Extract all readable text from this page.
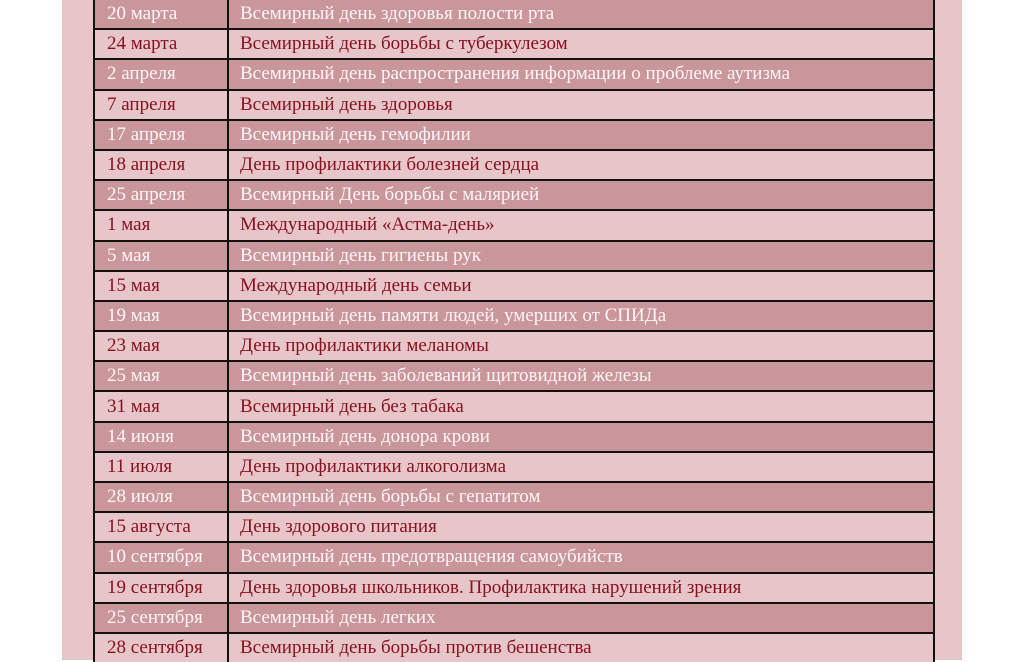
20 марта	Всемирный день здоровья полости рта
24 марта	Всемирный день борьбы с туберкулезом
2 апреля	Всемирный день распространения информации о проблеме аутизма
7 апреля	Всемирный день здоровья
17 апреля	Всемирный день гемофилии
18 апреля	День профилактики болезней сердца
25 апреля	Всемирный День борьбы с малярией
1 мая	Международный «Астма-день»
5 мая	Всемирный день гигиены рук
15 мая	Международный день семьи
19 мая	Всемирный день памяти людей, умерших от СПИДа
23 мая	День профилактики меланомы
25 мая	Всемирный день заболеваний щитовидной железы
31 мая	Всемирный день без табака
14 июня	Всемирный день донора крови
11 июля	День профилактики алкоголизма
28 июля	Всемирный день борьбы с гепатитом
15 августа	День здорового питания
10 сентября	Всемирный день предотвращения самоубийств
19 сентября	День здоровья школьников. Профилактика нарушений зрения
25 сентября	Всемирный день легких
28 сентября	Всемирный день борьбы против бешенства
